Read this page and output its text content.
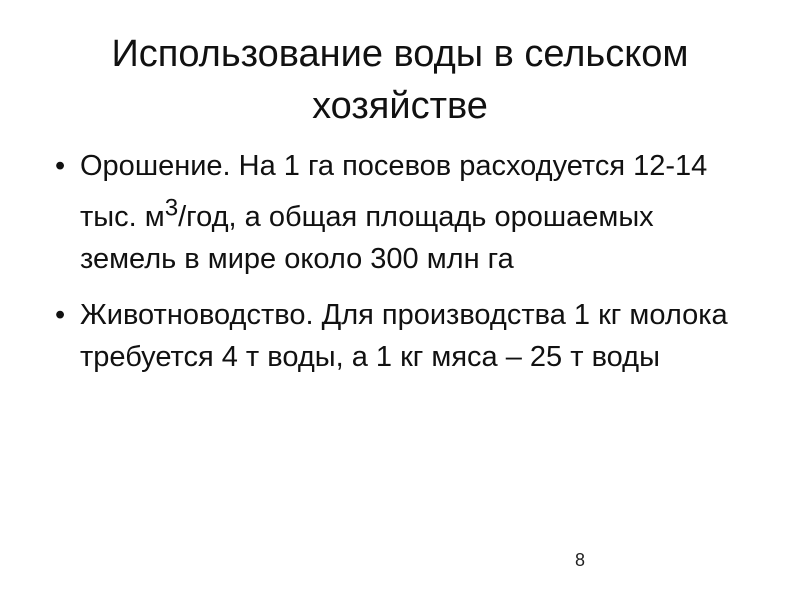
Использование воды в сельском
хозяйстве
• Орошение. На 1 га посевов расходуется 12-14 тыс. $м^3$/год, а общая площадь орошаемых земель в мире около 300 млн га
• Животноводство. Для производства 1 кг молока требуется 4 т воды, а 1 кг мяса – 25 т воды
8
